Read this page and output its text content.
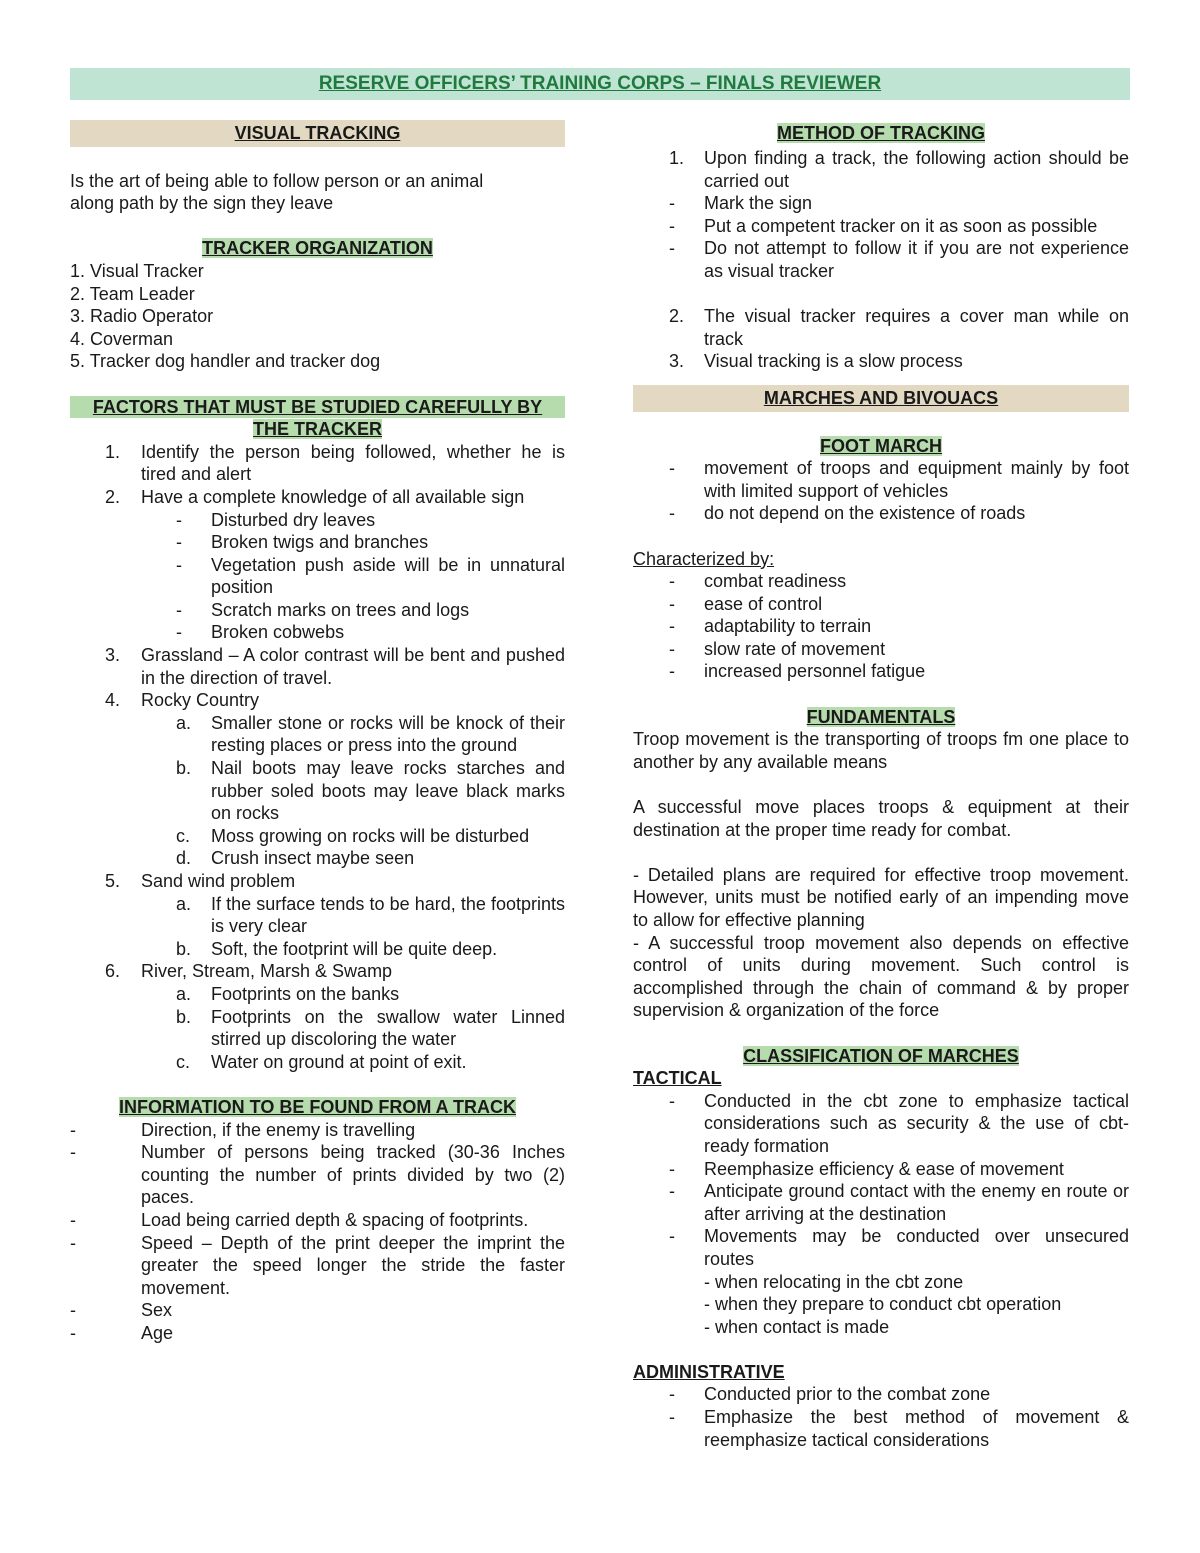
RESERVE OFFICERS’ TRAINING CORPS – FINALS REVIEWER
VISUAL TRACKING
Is the art of being able to follow person or an animal along path by the sign they leave
TRACKER ORGANIZATION
1. Visual Tracker
2. Team Leader
3. Radio Operator
4. Coverman
5. Tracker dog handler and tracker dog
FACTORS THAT MUST BE STUDIED CAREFULLY BY
THE TRACKER
1.	Identify the person being followed, whether he is tired and alert
2.	Have a complete knowledge of all available sign
-	Disturbed dry leaves
-	Broken twigs and branches
-	Vegetation push aside will be in unnatural position
-	Scratch marks on trees and logs
-	Broken cobwebs
3.	Grassland – A color contrast will be bent and pushed in the direction of travel.
4.	Rocky Country
a.	Smaller stone or rocks will be knock of their resting places or press into the ground
b.	Nail boots may leave rocks starches and rubber soled boots may leave black marks on rocks
c.	Moss growing on rocks will be disturbed
d.	Crush insect maybe seen
5.	Sand wind problem
a.	If the surface tends to be hard, the footprints is very clear
b.	Soft, the footprint will be quite deep.
6.	River, Stream, Marsh & Swamp
a.	Footprints on the banks
b.	Footprints on the swallow water Linned stirred up discoloring the water
c.	Water on ground at point of exit.
INFORMATION TO BE FOUND FROM A TRACK
-	Direction, if the enemy is travelling
-	Number of persons being tracked (30-36 Inches counting the number of prints divided by two (2) paces.
-	Load being carried depth & spacing of footprints.
-	Speed – Depth of the print deeper the imprint the greater the speed longer the stride the faster movement.
-	Sex
-	Age
METHOD OF TRACKING
1.	Upon finding a track, the following action should be carried out
-	Mark the sign
-	Put a competent tracker on it as soon as possible
-	Do not attempt to follow it if you are not experience as visual tracker
2.	The visual tracker requires a cover man while on track
3.	Visual tracking is a slow process
MARCHES AND BIVOUACS
FOOT MARCH
-	movement of troops and equipment mainly by foot with limited support of vehicles
-	do not depend on the existence of roads
Characterized by:
-	combat readiness
-	ease of control
-	adaptability to terrain
-	slow rate of movement
-	increased personnel fatigue
FUNDAMENTALS
Troop movement is the transporting of troops fm one place to another by any available means
A successful move places troops & equipment at their destination at the proper time ready for combat.
- Detailed plans are required for effective troop movement. However, units must be notified early of an impending move to allow for effective planning
- A successful troop movement also depends on effective control of units during movement. Such control is accomplished through the chain of command & by proper supervision & organization of the force
CLASSIFICATION OF MARCHES
TACTICAL
-	Conducted in the cbt zone to emphasize tactical considerations such as security & the use of cbt-ready formation
-	Reemphasize efficiency & ease of movement
-	Anticipate ground contact with the enemy en route or after arriving at the destination
-	Movements may be conducted over unsecured routes
- when relocating in the cbt zone
- when they prepare to conduct cbt operation
- when contact is made
ADMINISTRATIVE
-	Conducted prior to the combat zone
-	Emphasize the best method of movement & reemphasize tactical considerations
